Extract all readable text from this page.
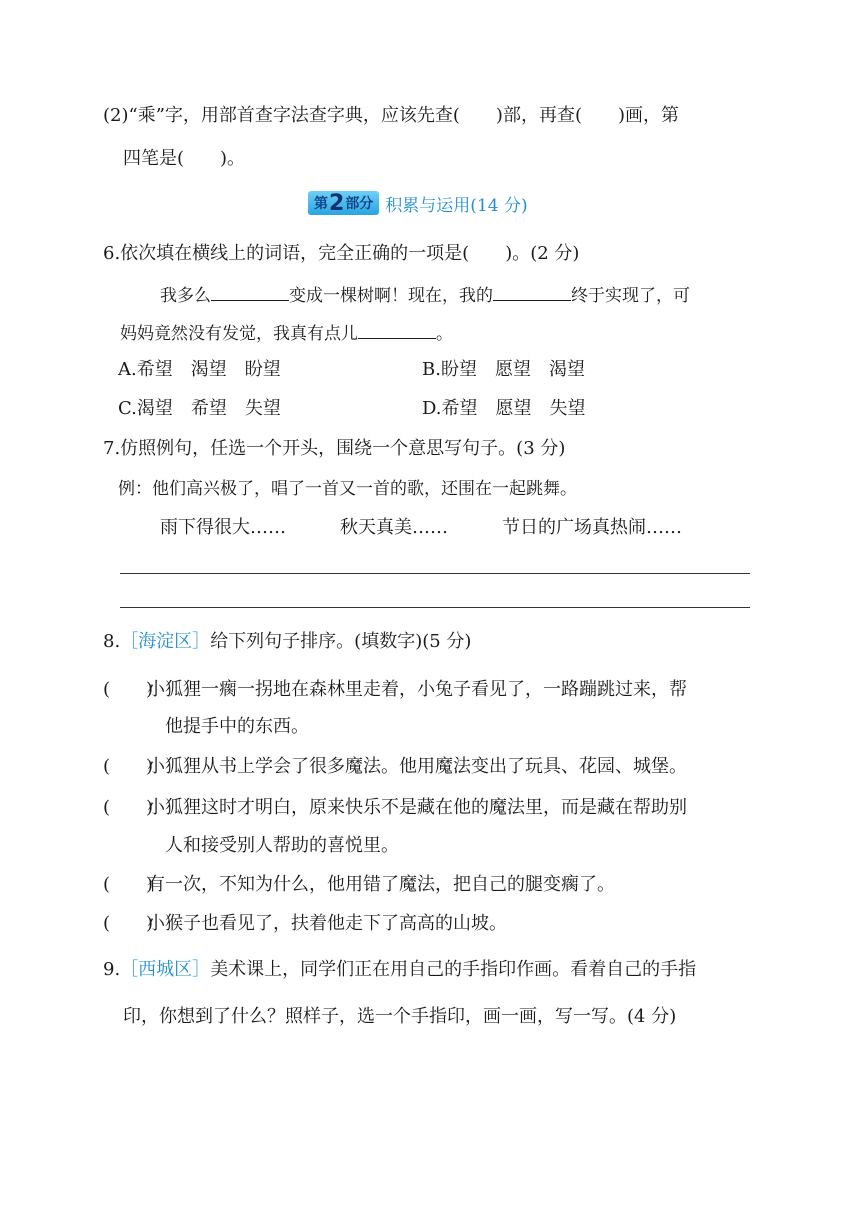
(2)“乘”字，用部首查字法查字典，应该先查(　　)部，再查(　　)画，第
四笔是(　　)。
第 2 部分 积累与运用(14 分)
6.依次填在横线上的词语，完全正确的一项是(　　)。(2 分)
我多么	变成一棵树啊！现在，我的	终于实现了，可
妈妈竟然没有发觉，我真有点儿	。
A.希望　渴望　盼望	B.盼望　愿望　渴望
C.渴望　希望　失望	D.希望　愿望　失望
7.仿照例句，任选一个开头，围绕一个意思写句子。(3 分)
例：他们高兴极了，唱了一首又一首的歌，还围在一起跳舞。
雨下得很大……	秋天真美……	节日的广场真热闹……
8.［海淀区］给下列句子排序。(填数字)(5 分)
(　　)
小狐狸一瘸一拐地在森林里走着，小兔子看见了，一路蹦跳过来，帮
他提手中的东西。
(　　)
小狐狸从书上学会了很多魔法。他用魔法变出了玩具、花园、城堡。
(　　)
小狐狸这时才明白，原来快乐不是藏在他的魔法里，而是藏在帮助别
人和接受别人帮助的喜悦里。
(　　)
有一次，不知为什么，他用错了魔法，把自己的腿变瘸了。
(　　)
小猴子也看见了，扶着他走下了高高的山坡。
9.［西城区］美术课上，同学们正在用自己的手指印作画。看着自己的手指
印，你想到了什么？照样子，选一个手指印，画一画，写一写。(4 分)
